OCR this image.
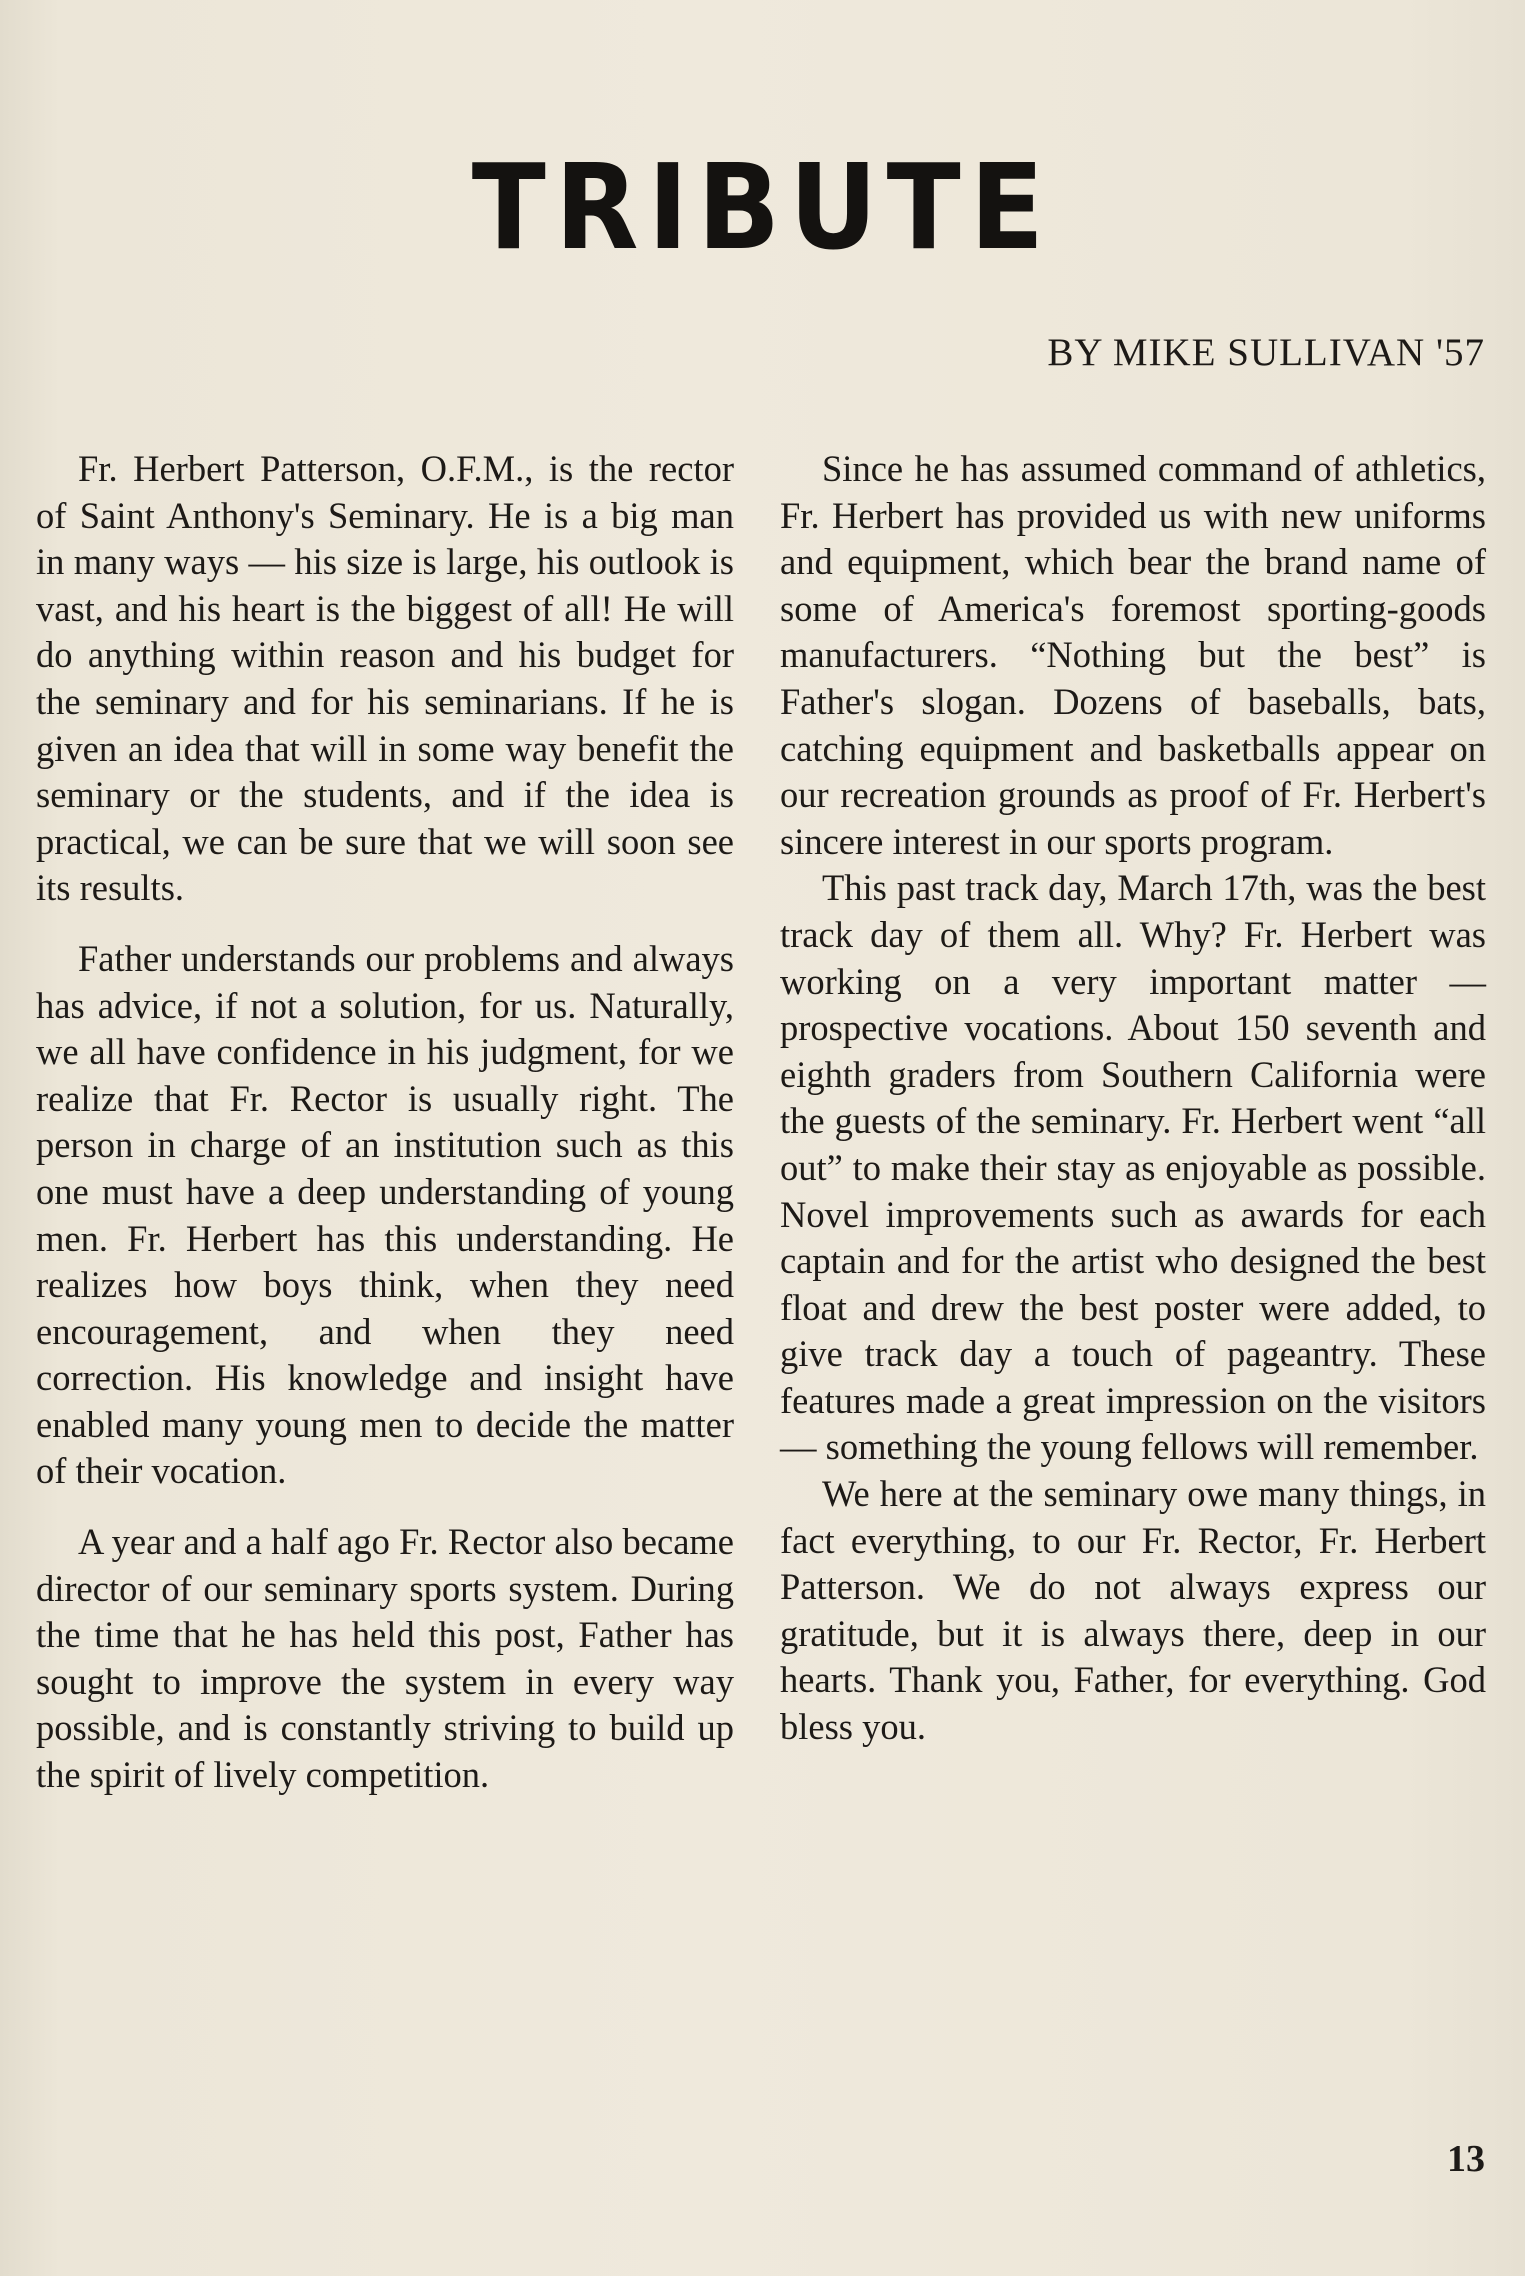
TRIBUTE
BY MIKE SULLIVAN '57

Fr. Herbert Patterson, O.F.M., is the rector of Saint Anthony's Seminary. He is a big man in many ways — his size is large, his outlook is vast, and his heart is the biggest of all! He will do anything within reason and his budget for the seminary and for his seminarians. If he is given an idea that will in some way benefit the seminary or the students, and if the idea is practical, we can be sure that we will soon see its results.

Father understands our problems and always has advice, if not a solution, for us. Naturally, we all have confidence in his judgment, for we realize that Fr. Rector is usually right. The person in charge of an institution such as this one must have a deep understanding of young men. Fr. Herbert has this understanding. He realizes how boys think, when they need encouragement, and when they need correction. His knowledge and insight have enabled many young men to decide the matter of their vocation.

A year and a half ago Fr. Rector also became director of our seminary sports system. During the time that he has held this post, Father has sought to improve the system in every way possible, and is constantly striving to build up the spirit of lively competition.

Since he has assumed command of athletics, Fr. Herbert has provided us with new uniforms and equipment, which bear the brand name of some of America's foremost sporting-goods manufacturers. “Nothing but the best” is Father's slogan. Dozens of baseballs, bats, catching equipment and basketballs appear on our recreation grounds as proof of Fr. Herbert's sincere interest in our sports program.

This past track day, March 17th, was the best track day of them all. Why? Fr. Herbert was working on a very important matter — prospective vocations. About 150 seventh and eighth graders from Southern California were the guests of the seminary. Fr. Herbert went “all out” to make their stay as enjoyable as possible. Novel improvements such as awards for each captain and for the artist who designed the best float and drew the best poster were added, to give track day a touch of pageantry. These features made a great impression on the visitors — something the young fellows will remember.

We here at the seminary owe many things, in fact everything, to our Fr. Rector, Fr. Herbert Patterson. We do not always express our gratitude, but it is always there, deep in our hearts. Thank you, Father, for everything. God bless you.

13
